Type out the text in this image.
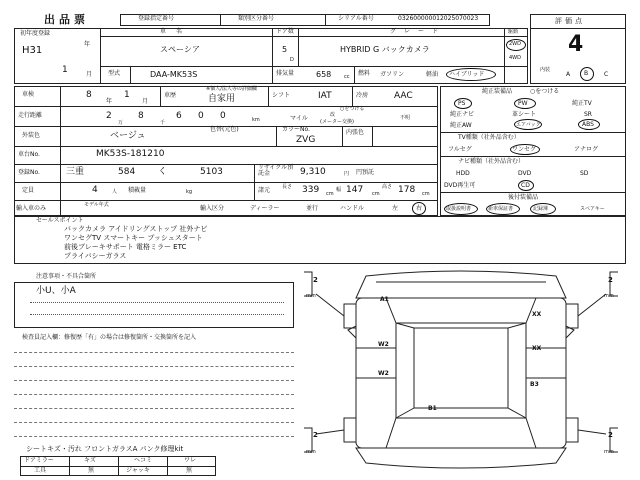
出品票	登録指定番号	類別区分番号	シリアル番号	032600000012025070023	評価点
4
初年度登録
H31
年
1	月
車名
スペーシア
ドア数
5
D
グレード
HYBRID G バックカメラ
駆動
2WD
4WD
型式	DAA-MK53S	排気量	658	cc 燃料 ガソリン	軽油 ハイブリッド
内装
A B	C
車検	8
年
1
月
車歴
※個人/法人等の詳細欄
自家用	シフト	IAT	冷房	AAC
走行距離	2	8	6 0 0
万	千	km
○をつける
マイル	改
(メーター交換)
不明
外装色	ベージュ
色替(元色)	カラーNo.
ZVG
内張色
車台No.	MK53S-181210
登録No.	三重	584	く	5103	リサイクル預託金	9,310	円 円預託
定員	4	人 積載量	kg	諸元 長さ 339 cm
幅 147 cm
高さ 178 cm
輸入車のみ	モデル年式	輸入区分	ディーラー	並行	ハンドル	左	右
純正装備品	○をつける
PS	PW	純正TV
純正ナビ	革シート	SR
純正AW	エアバッグ	ABS
TV種類（社外品含む）
フルセグ	ワンセグ	アナログ
ナビ種類（社外品含む）
HDD	DVD	SD
DVD再生可	CD
後付装備品
取扱説明書	新車保証書	記録簿	スペアキー
セールスポイント
バックカメラ アイドリングストップ 社外ナビ
ワンセグTV スマートキー プッシュスタート
前後ブレーキサポート 電格ミラー ETC
プライバシーガラス
注意事項・不具合箇所
小U、小A
検査員記入欄：修復歴「有」の場合は修復箇所・交換箇所を記入
シートキズ・汚れ フロントガラスA パンク修理kit
ドアミラー	キズ	ヘコミ	ワレ
工具	無	ジャッキ	無
2
mm
2
mm
2
mm
2
mm
A1
W2
W2
XX
B1
B3
XX
